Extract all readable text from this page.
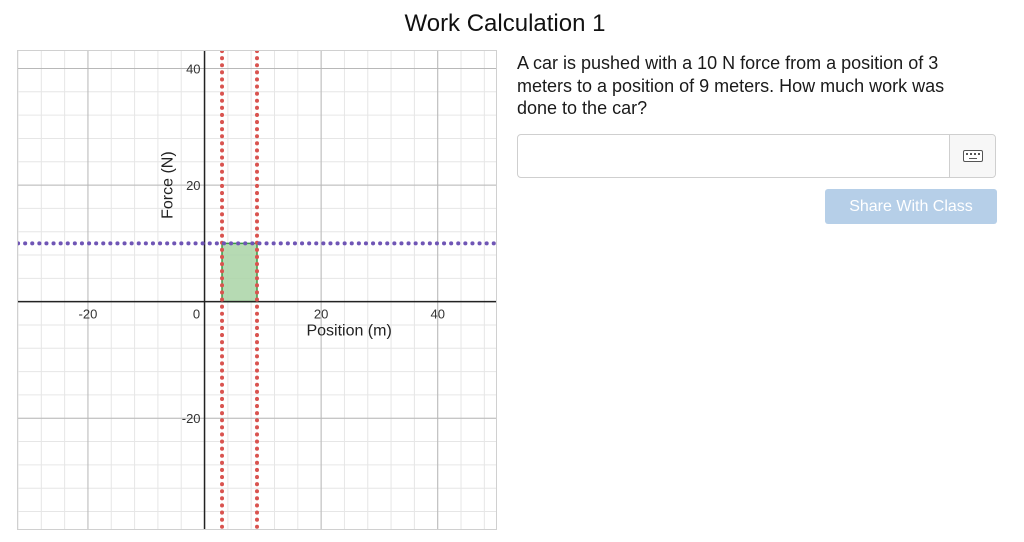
Work Calculation 1
-20	0	20	40
40
20
-20
Position (m)
Force (N)
A car is pushed with a 10 N force from a position of 3 meters to a position of 9 meters. How much work was done to the car?
Share With Class
